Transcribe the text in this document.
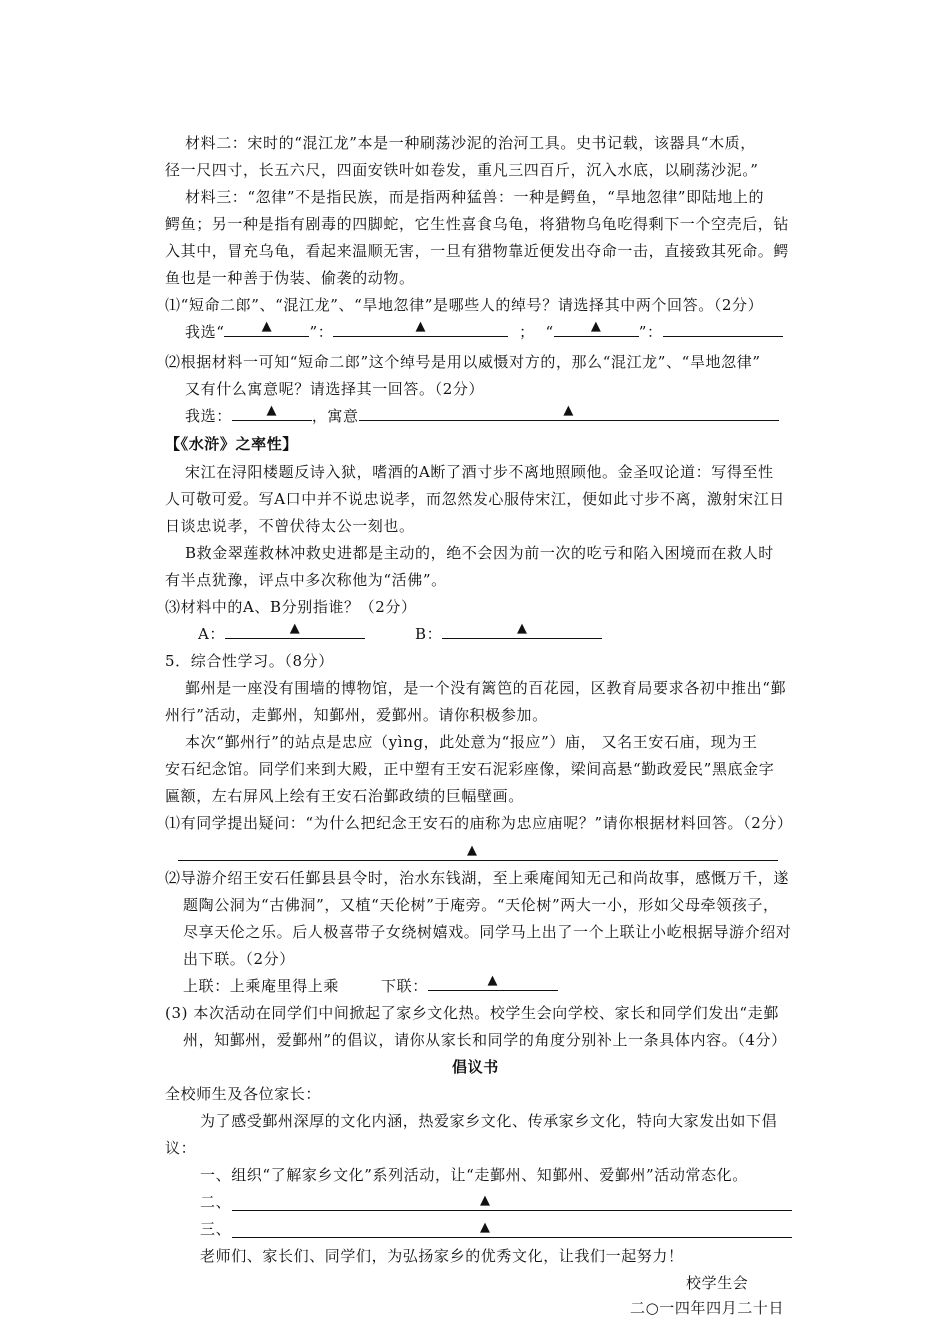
材料二：宋时的“混江龙”本是一种刷荡沙泥的治河工具。史书记载，该器具“木质，
径一尺四寸，长五六尺，四面安铁叶如卷发，重凡三四百斤，沉入水底，以刷荡沙泥。”
材料三：“忽律”不是指民族，而是指两种猛兽：一种是鳄鱼，“旱地忽律”即陆地上的
鳄鱼；另一种是指有剧毒的四脚蛇，它生性喜食乌龟，将猎物乌龟吃得剩下一个空壳后，钻
入其中，冒充乌龟，看起来温顺无害，一旦有猎物靠近便发出夺命一击，直接致其死命。鳄
鱼也是一种善于伪装、偷袭的动物。
⑴“短命二郎”、“混江龙”、“旱地忽律”是哪些人的绰号？请选择其中两个回答。（2分）
我选“	▲ ”：	▲	； “	▲ ”：
⑵根据材料一可知“短命二郎”这个绰号是用以威慑对方的，那么“混江龙”、“旱地忽律”
又有什么寓意呢？请选择其一回答。（2分）
我选：	▲ ，寓意	▲
【《水浒》之率性】
宋江在浔阳楼题反诗入狱，嗜酒的A断了酒寸步不离地照顾他。金圣叹论道：写得至性
人可敬可爱。写A口中并不说忠说孝，而忽然发心服侍宋江，便如此寸步不离，激射宋江日
日谈忠说孝，不曾伏待太公一刻也。
B救金翠莲救林冲救史进都是主动的，绝不会因为前一次的吃亏和陷入困境而在救人时
有半点犹豫，评点中多次称他为“活佛”。
⑶材料中的A、B分别指谁？（2分）
A：	▲	B：	▲
5．综合性学习。（8分）
鄞州是一座没有围墙的博物馆，是一个没有篱笆的百花园，区教育局要求各初中推出“鄞
州行”活动，走鄞州，知鄞州，爱鄞州。请你积极参加。
本次“鄞州行”的站点是忠应（yìng，此处意为“报应”）庙， 又名王安石庙，现为王
安石纪念馆。同学们来到大殿，正中塑有王安石泥彩座像，梁间高悬“勤政爱民”黑底金字
匾额，左右屏风上绘有王安石治鄞政绩的巨幅壁画。
⑴有同学提出疑问：“为什么把纪念王安石的庙称为忠应庙呢？”请你根据材料回答。（2分）
▲
⑵导游介绍王安石任鄞县县令时，治水东钱湖，至上乘庵闻知无己和尚故事，感慨万千，遂
题陶公洞为“古佛洞”，又植“天伦树”于庵旁。“天伦树”两大一小，形如父母牵领孩子，
尽享天伦之乐。后人极喜带子女绕树嬉戏。同学马上出了一个上联让小屹根据导游介绍对
出下联。（2分）
上联：上乘庵里得上乘	下联：	▲
(3) 本次活动在同学们中间掀起了家乡文化热。校学生会向学校、家长和同学们发出“走鄞
州，知鄞州，爱鄞州”的倡议，请你从家长和同学的角度分别补上一条具体内容。（4分）
倡议书
全校师生及各位家长：
为了感受鄞州深厚的文化内涵，热爱家乡文化、传承家乡文化，特向大家发出如下倡
议：
一、组织“了解家乡文化”系列活动，让“走鄞州、知鄞州、爱鄞州”活动常态化。
二、	▲
三、	▲
老师们、家长们、同学们，为弘扬家乡的优秀文化，让我们一起努力！
校学生会
二○一四年四月二十日
